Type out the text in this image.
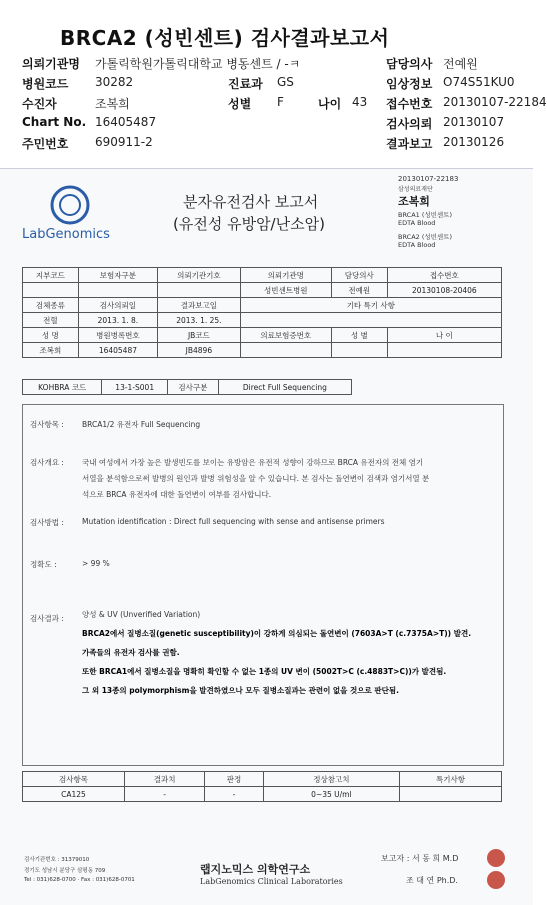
BRCA2 (성빈센트) 검사결과보고서
의뢰기관명 가톨릭학원가톨릭대학교 병동센트 / -ㅋ	담당의사 전예원
병원코드 30282	진료과 GS	임상정보 O74S51KU0
수진자	조복희	성별 F	나이 43 접수번호 20130107-22184
Chart No. 16405487	검사의뢰 20130107
주민번호 690911-2	결과보고 20130126
LabGenomics
분자유전검사 보고서
(유전성 유방암/난소암)
20130107-22183
삼성의료재단
조복희
BRCA1 (성빈센트)
EDTA Blood
BRCA2 (성빈센트)
EDTA Blood
지부코드	보험자구분	의뢰기관기호	의뢰기관명	담당의사	접수번호
			성빈센트병원	전예원	20130108-20406
검체종류	검사의뢰일	결과보고일	기타 특기 사항		
전혈	2013. 1. 8.	2013. 1. 25.			
성 명	병원병록번호	JB코드	의료보험증번호	성 별	나 이
조복희	16405487	JB4896			
KOHBRA 코드	13-1-S001	검사구분	Direct Full Sequencing
검사항목	결과치	판정	정상참고치	특기사항
CA125	-	-	0~35 U/ml	
검사기관번호 : 31379010
경기도 성남시 분당구 삼평동 709
Tel : 031)628-0700 · Fax : 031)628-0701
랩지노믹스 의학연구소
LabGenomics Clinical Laboratories
보고자 : 서 동 희 M.D
조 대 연 Ph.D.
검사항목 : BRCA1/2 유전자 Full Sequencing
검사개요 : 국내 여성에서 가장 높은 발생빈도를 보이는 유방암은 유전적 성향이 강하므로 BRCA 유전자의 전체 염기
서열을 분석함으로써 발병의 원인과 발병 위험성을 알 수 있습니다. 본 검사는 돌연변이 검색과 염기서열 분
석으로 BRCA 유전자에 대한 돌연변이 여부를 검사합니다.
검사방법 : Mutation identification : Direct full sequencing with sense and antisense primers
정확도 :	> 99 %
검사결과 : 양성 & UV (Unverified Variation)
BRCA2에서 질병소질(genetic susceptibility)이 강하게 의심되는 돌연변이 (7603A>T (c.7375A>T)) 발견.
가족들의 유전자 검사를 권함.
또한 BRCA1에서 질병소질을 명확히 확인할 수 없는 1종의 UV 변이 (5002T>C (c.4883T>C))가 발견됨.
그 외 13종의 polymorphism을 발견하였으나 모두 질병소질과는 관련이 없을 것으로 판단됨.
